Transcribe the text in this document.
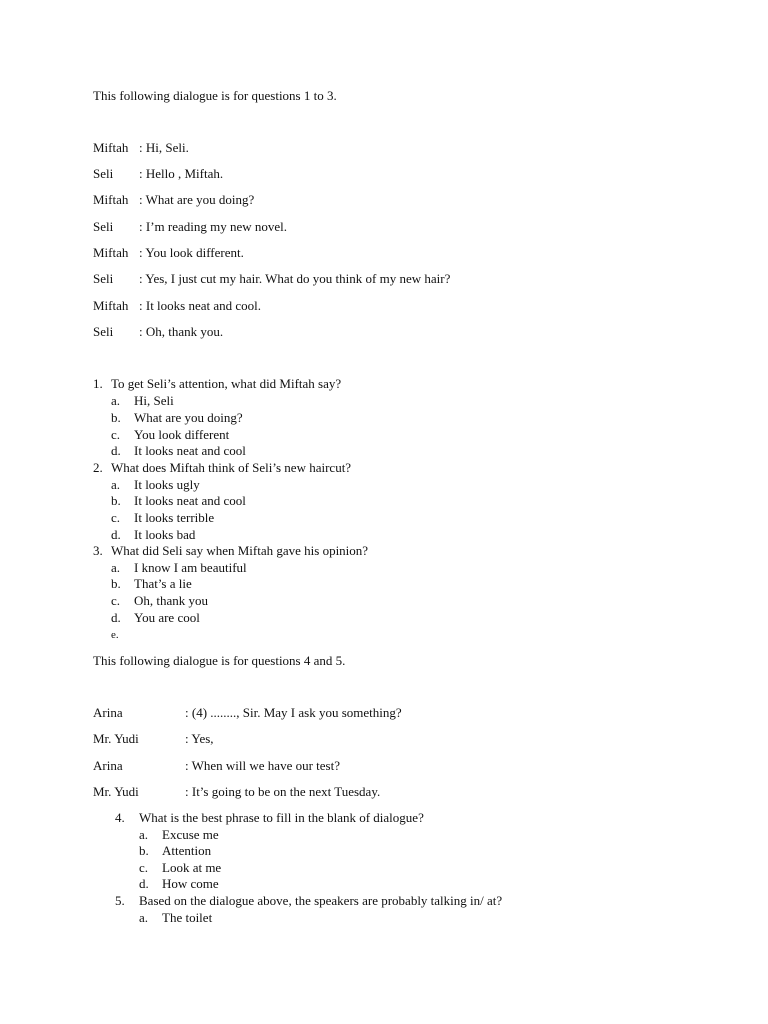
This following dialogue is for questions 1 to 3.
Miftah : Hi, Seli.
Seli : Hello , Miftah.
Miftah : What are you doing?
Seli : I’m reading my new novel.
Miftah : You look different.
Seli : Yes, I just cut my hair. What do you think of my new hair?
Miftah : It looks neat and cool.
Seli : Oh, thank you.
1. To get Seli’s attention, what did Miftah say?
a. Hi, Seli
b. What are you doing?
c. You look different
d. It looks neat and cool
2. What does Miftah think of Seli’s new haircut?
a. It looks ugly
b. It looks neat and cool
c. It looks terrible
d. It looks bad
3. What did Seli say when Miftah gave his opinion?
a. I know I am beautiful
b. That’s a lie
c. Oh, thank you
d. You are cool
e.
This following dialogue is for questions 4 and 5.
Arina	: (4) ........, Sir. May I ask you something?
Mr. Yudi	: Yes,
Arina	: When will we have our test?
Mr. Yudi	: It’s going to be on the next Tuesday.
4. What is the best phrase to fill in the blank of dialogue?
a. Excuse me
b. Attention
c. Look at me
d. How come
5. Based on the dialogue above, the speakers are probably talking in/ at?
a. The toilet
